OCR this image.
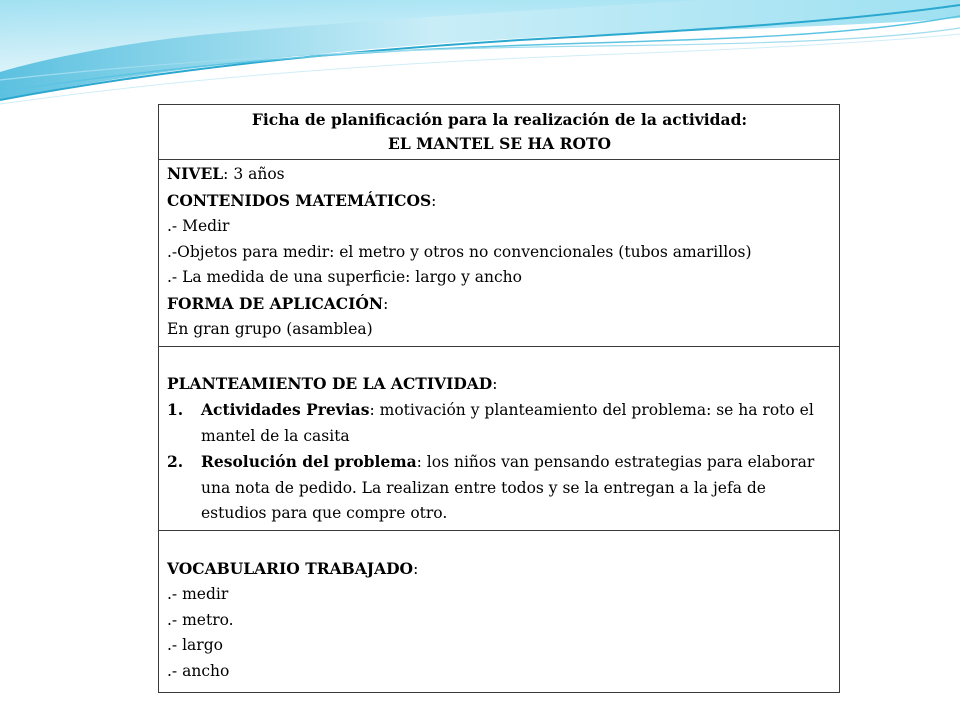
Ficha de planificación para la realización de la actividad:
EL MANTEL SE HA ROTO

NIVEL: 3 años
CONTENIDOS MATEMÁTICOS:
.- Medir
.-Objetos para medir: el metro y otros no convencionales (tubos amarillos)
.- La medida de una superficie: largo y ancho
FORMA DE APLICACIÓN:
En gran grupo (asamblea)

PLANTEAMIENTO DE LA ACTIVIDAD:
1.	Actividades Previas: motivación y planteamiento del problema: se ha roto el mantel de la casita
2.	Resolución del problema: los niños van pensando estrategias para elaborar una nota de pedido. La realizan entre todos y se la entregan a la jefa de estudios para que compre otro.

VOCABULARIO TRABAJADO:
.- medir
.- metro.
.- largo
.- ancho
